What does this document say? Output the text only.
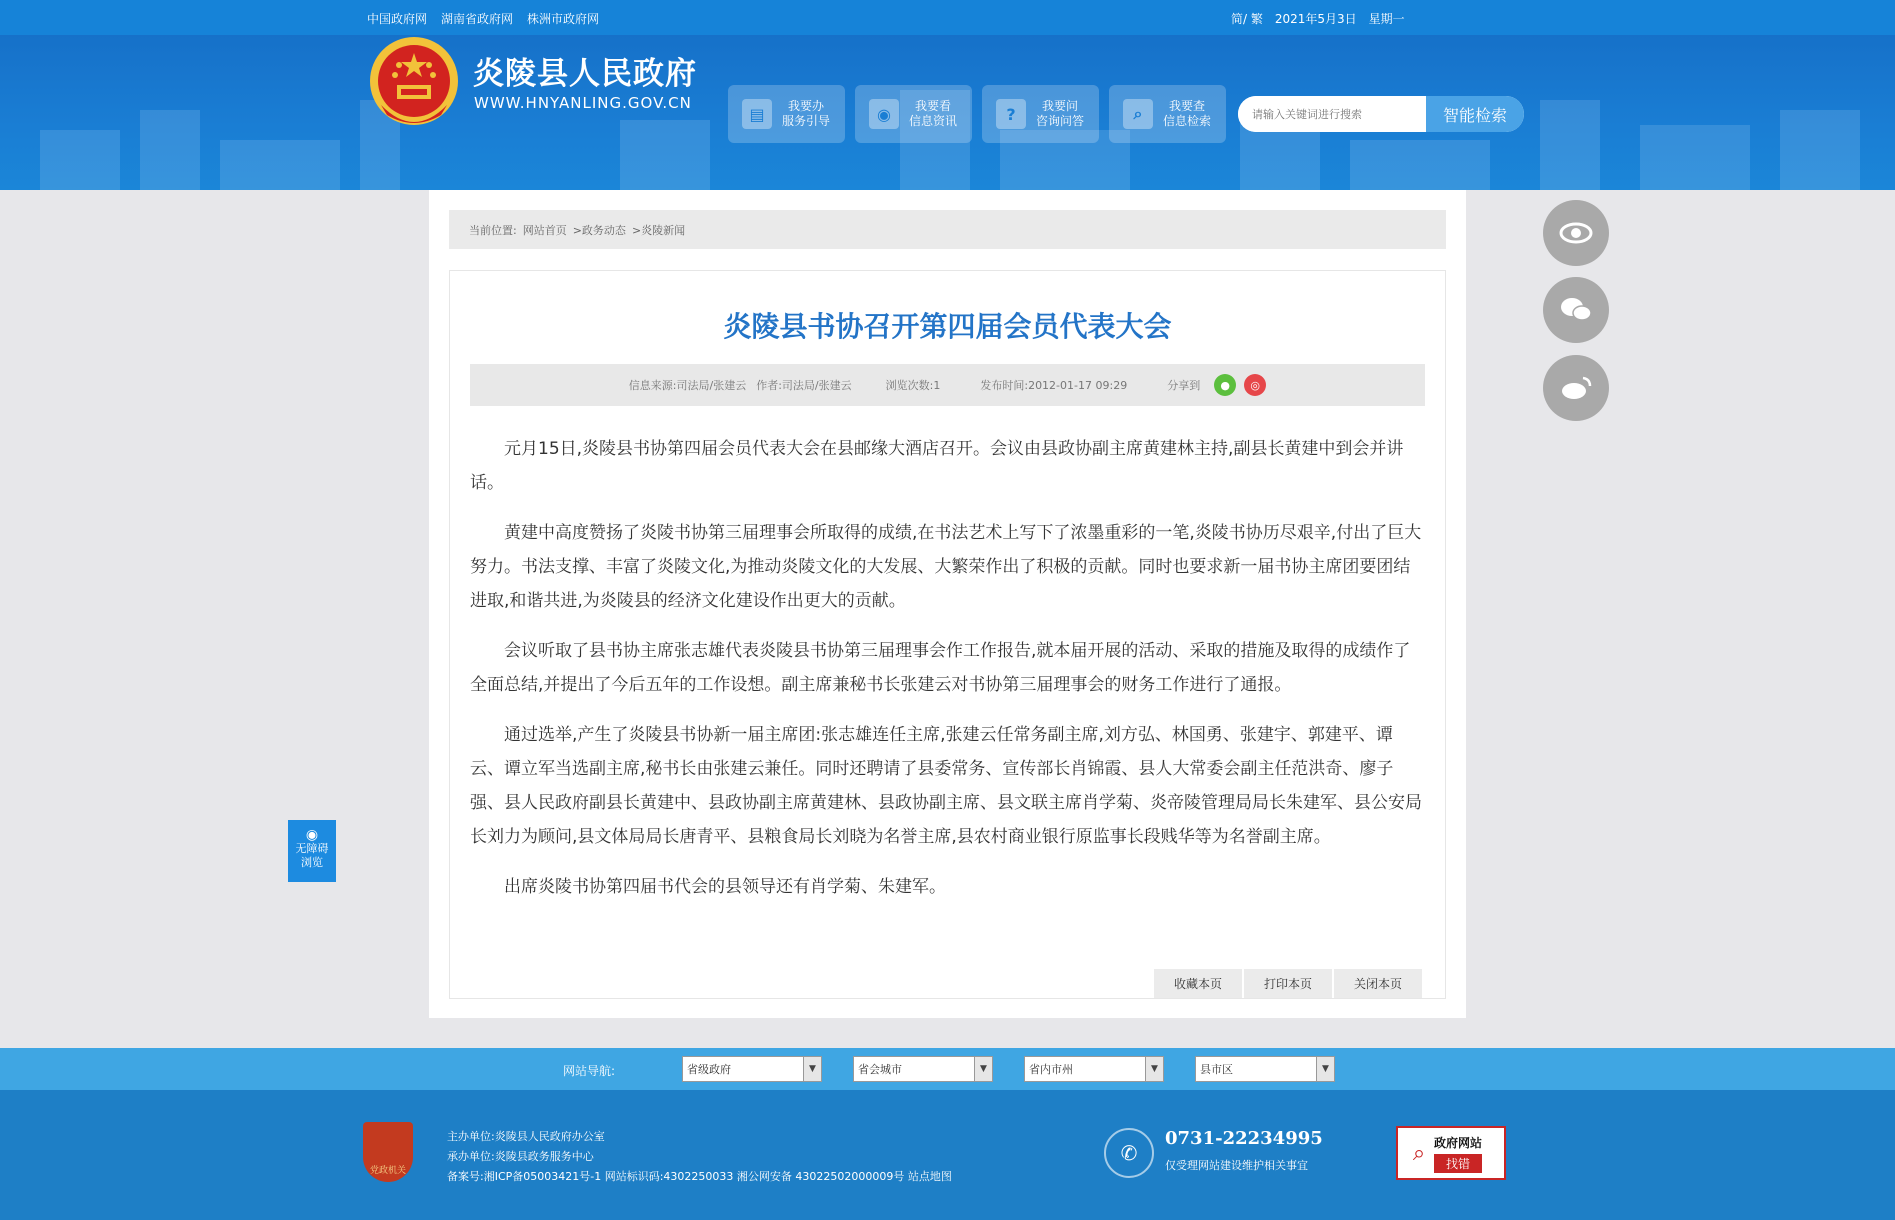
中国政府网 湖南省政府网 株洲市政府网	简/ 繁 2021年5月3日 星期一
炎陵县人民政府
WWW.HNYANLING.GOV.CN
▤	我要办
服务引导	◉	我要看
信息资讯	?	我要问
咨询问答	⌕	我要查
信息检索
请输入关键词进行搜索	智能检索
当前位置: 网站首页 >政务动态 >炎陵新闻
炎陵县书协召开第四届会员代表大会
信息来源:司法局/张建云 作者:司法局/张建云	浏览次数:1	发布时间:2012-01-17 09:29	分享到	●	◎

元月15日,炎陵县书协第四届会员代表大会在县邮缘大酒店召开。会议由县政协副主席黄建林主持,副县长黄建中到会并讲话。

黄建中高度赞扬了炎陵书协第三届理事会所取得的成绩,在书法艺术上写下了浓墨重彩的一笔,炎陵书协历尽艰辛,付出了巨大努力。书法支撑、丰富了炎陵文化,为推动炎陵文化的大发展、大繁荣作出了积极的贡献。同时也要求新一届书协主席团要团结进取,和谐共进,为炎陵县的经济文化建设作出更大的贡献。

会议听取了县书协主席张志雄代表炎陵县书协第三届理事会作工作报告,就本届开展的活动、采取的措施及取得的成绩作了全面总结,并提出了今后五年的工作设想。副主席兼秘书长张建云对书协第三届理事会的财务工作进行了通报。

通过选举,产生了炎陵县书协新一届主席团:张志雄连任主席,张建云任常务副主席,刘方弘、林国勇、张建宇、郭建平、谭云、谭立军当选副主席,秘书长由张建云兼任。同时还聘请了县委常务、宣传部长肖锦霞、县人大常委会副主任范洪奇、廖子强、县人民政府副县长黄建中、县政协副主席黄建林、县政协副主席、县文联主席肖学菊、炎帝陵管理局局长朱建军、县公安局长刘力为顾问,县文体局局长唐青平、县粮食局长刘晓为名誉主席,县农村商业银行原监事长段贱华等为名誉副主席。

出席炎陵书协第四届书代会的县领导还有肖学菊、朱建军。

收藏本页	打印本页	关闭本页
◉
无障碍
浏览
网站导航:	省级政府	▼	省会城市	▼	省内市州	▼	县市区	▼
党政机关
主办单位:炎陵县人民政府办公室
承办单位:炎陵县政务服务中心
备案号:湘ICP备05003421号-1 网站标识码:4302250033 湘公网安备 43022502000009号 站点地图
✆
0731-22234995
仅受理网站建设维护相关事宜	⌕ 政府网站
找错
